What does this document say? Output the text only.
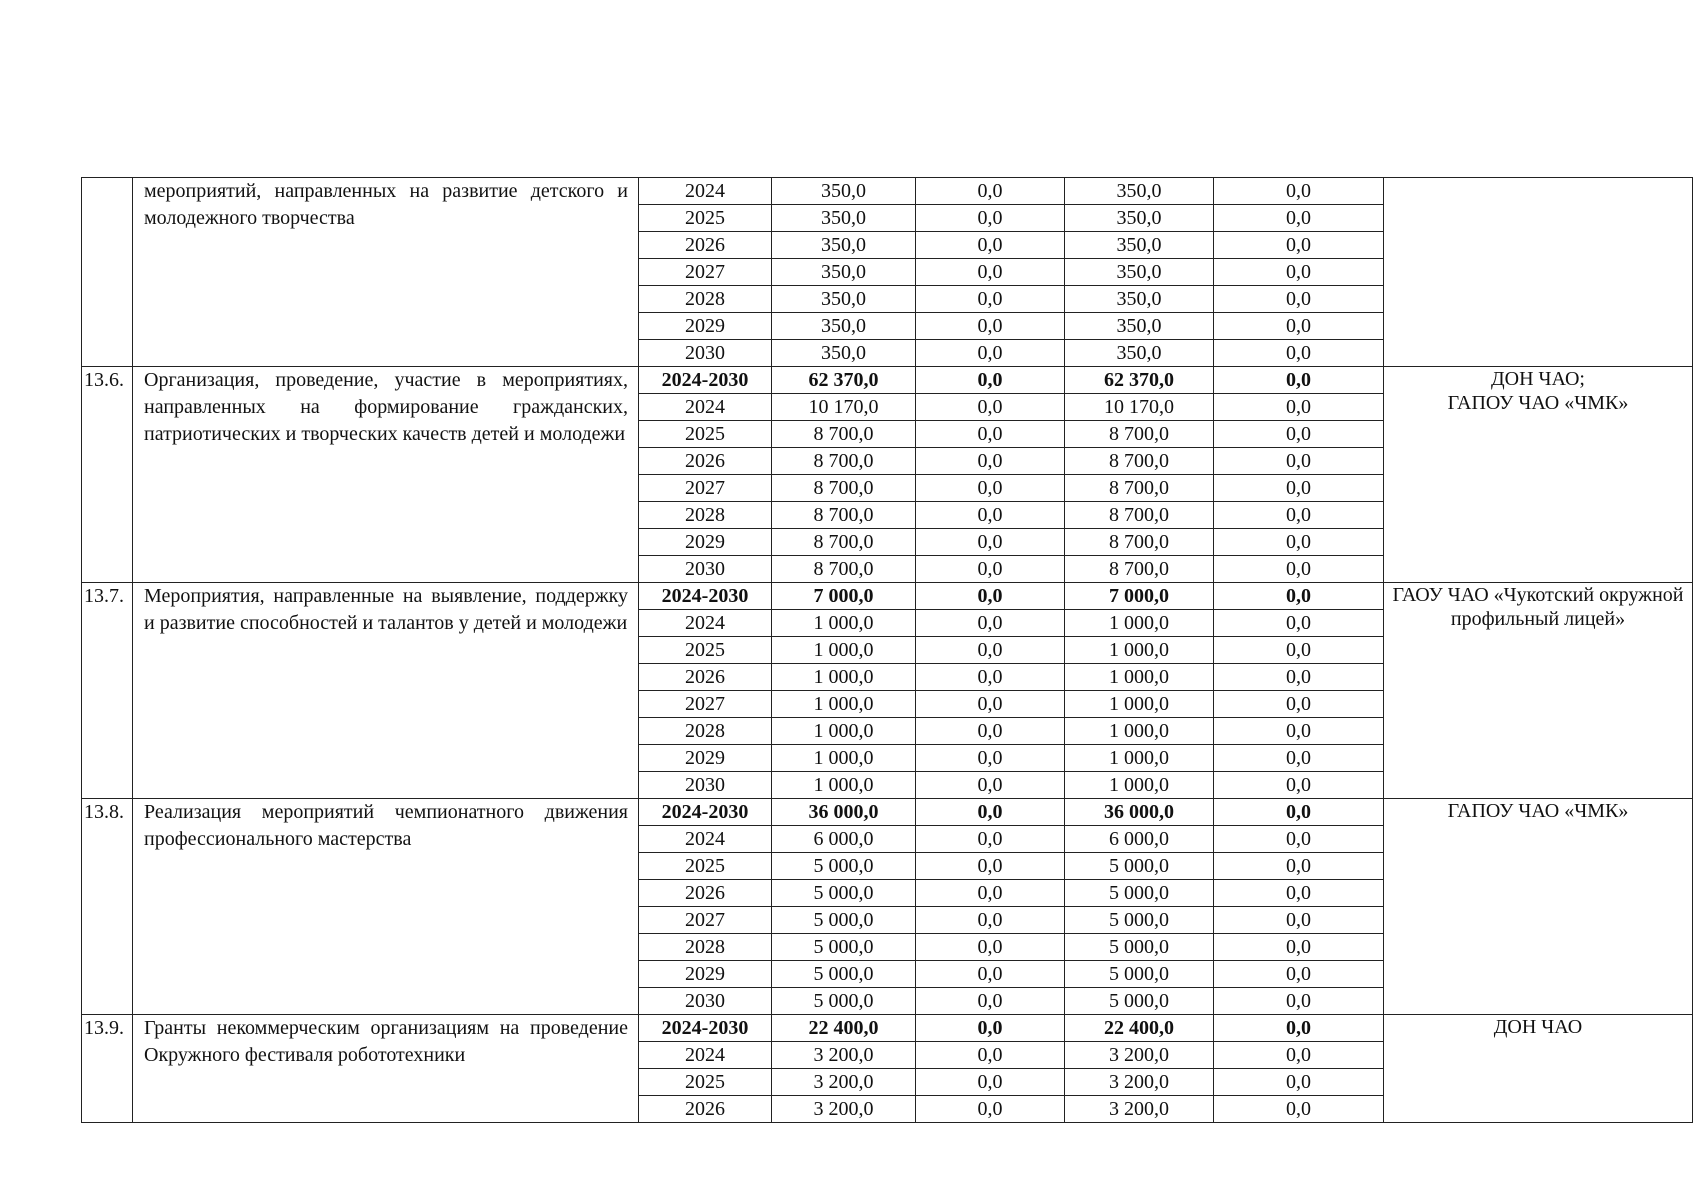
	мероприятий, направленных на развитие детского и молодежного творчества	2024	350,0	0,0	350,0	0,0	
		2025	350,0	0,0	350,0	0,0	
		2026	350,0	0,0	350,0	0,0	
		2027	350,0	0,0	350,0	0,0	
		2028	350,0	0,0	350,0	0,0	
		2029	350,0	0,0	350,0	0,0	
		2030	350,0	0,0	350,0	0,0	
13.6.	Организация, проведение, участие в мероприятиях, направленных на формирование гражданских, патриотических и творческих качеств детей и молодежи	2024-2030	62 370,0	0,0	62 370,0	0,0	ДОН ЧАО;
ГАПОУ ЧАО «ЧМК»
		2024	10 170,0	0,0	10 170,0	0,0	
		2025	8 700,0	0,0	8 700,0	0,0	
		2026	8 700,0	0,0	8 700,0	0,0	
		2027	8 700,0	0,0	8 700,0	0,0	
		2028	8 700,0	0,0	8 700,0	0,0	
		2029	8 700,0	0,0	8 700,0	0,0	
		2030	8 700,0	0,0	8 700,0	0,0	
13.7.	Мероприятия, направленные на выявление, поддержку и развитие способностей и талантов у детей и молодежи	2024-2030	7 000,0	0,0	7 000,0	0,0	ГАОУ ЧАО «Чукотский окружной профильный лицей»
		2024	1 000,0	0,0	1 000,0	0,0	
		2025	1 000,0	0,0	1 000,0	0,0	
		2026	1 000,0	0,0	1 000,0	0,0	
		2027	1 000,0	0,0	1 000,0	0,0	
		2028	1 000,0	0,0	1 000,0	0,0	
		2029	1 000,0	0,0	1 000,0	0,0	
		2030	1 000,0	0,0	1 000,0	0,0	
13.8.	Реализация мероприятий чемпионатного движения профессионального мастерства	2024-2030	36 000,0	0,0	36 000,0	0,0	ГАПОУ ЧАО «ЧМК»
		2024	6 000,0	0,0	6 000,0	0,0	
		2025	5 000,0	0,0	5 000,0	0,0	
		2026	5 000,0	0,0	5 000,0	0,0	
		2027	5 000,0	0,0	5 000,0	0,0	
		2028	5 000,0	0,0	5 000,0	0,0	
		2029	5 000,0	0,0	5 000,0	0,0	
		2030	5 000,0	0,0	5 000,0	0,0	
13.9.	Гранты некоммерческим организациям на проведение Окружного фестиваля робототехники	2024-2030	22 400,0	0,0	22 400,0	0,0	ДОН ЧАО
		2024	3 200,0	0,0	3 200,0	0,0	
		2025	3 200,0	0,0	3 200,0	0,0	
		2026	3 200,0	0,0	3 200,0	0,0	
